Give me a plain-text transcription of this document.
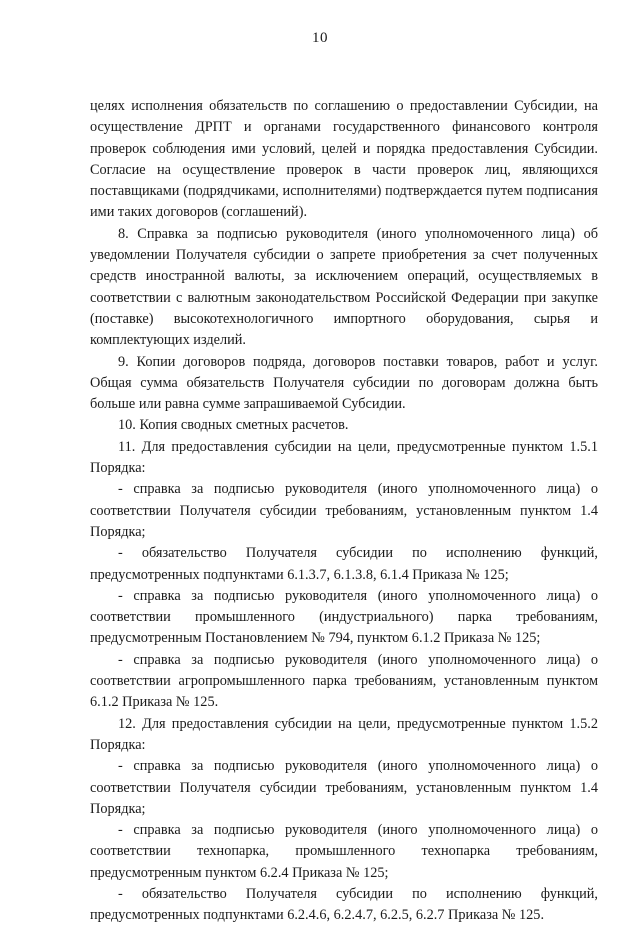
10

целях исполнения обязательств по соглашению о предоставлении Субсидии, на осуществление ДРПТ и органами государственного финансового контроля проверок соблюдения ими условий, целей и порядка предоставления Субсидии. Согласие на осуществление проверок в части проверок лиц, являющихся поставщиками (подрядчиками, исполнителями) подтверждается путем подписания ими таких договоров (соглашений).

8. Справка за подписью руководителя (иного уполномоченного лица) об уведомлении Получателя субсидии о запрете приобретения за счет полученных средств иностранной валюты, за исключением операций, осуществляемых в соответствии с валютным законодательством Российской Федерации при закупке (поставке) высокотехнологичного импортного оборудования, сырья и комплектующих изделий.

9. Копии договоров подряда, договоров поставки товаров, работ и услуг. Общая сумма обязательств Получателя субсидии по договорам должна быть больше или равна сумме запрашиваемой Субсидии.

10. Копия сводных сметных расчетов.

11. Для предоставления субсидии на цели, предусмотренные пунктом 1.5.1 Порядка:

- справка за подписью руководителя (иного уполномоченного лица) о соответствии Получателя субсидии требованиям, установленным пунктом 1.4 Порядка;

- обязательство Получателя субсидии по исполнению функций, предусмотренных подпунктами 6.1.3.7, 6.1.3.8, 6.1.4 Приказа № 125;

- справка за подписью руководителя (иного уполномоченного лица) о соответствии промышленного (индустриального) парка требованиям, предусмотренным Постановлением № 794, пунктом 6.1.2 Приказа № 125;

- справка за подписью руководителя (иного уполномоченного лица) о соответствии агропромышленного парка требованиям, установленным пунктом 6.1.2 Приказа № 125.

12. Для предоставления субсидии на цели, предусмотренные пунктом 1.5.2 Порядка:

- справка за подписью руководителя (иного уполномоченного лица) о соответствии Получателя субсидии требованиям, установленным пунктом 1.4 Порядка;

- справка за подписью руководителя (иного уполномоченного лица) о соответствии технопарка, промышленного технопарка требованиям, предусмотренным пунктом 6.2.4 Приказа № 125;

- обязательство Получателя субсидии по исполнению функций, предусмотренных подпунктами 6.2.4.6, 6.2.4.7, 6.2.5, 6.2.7 Приказа № 125.
